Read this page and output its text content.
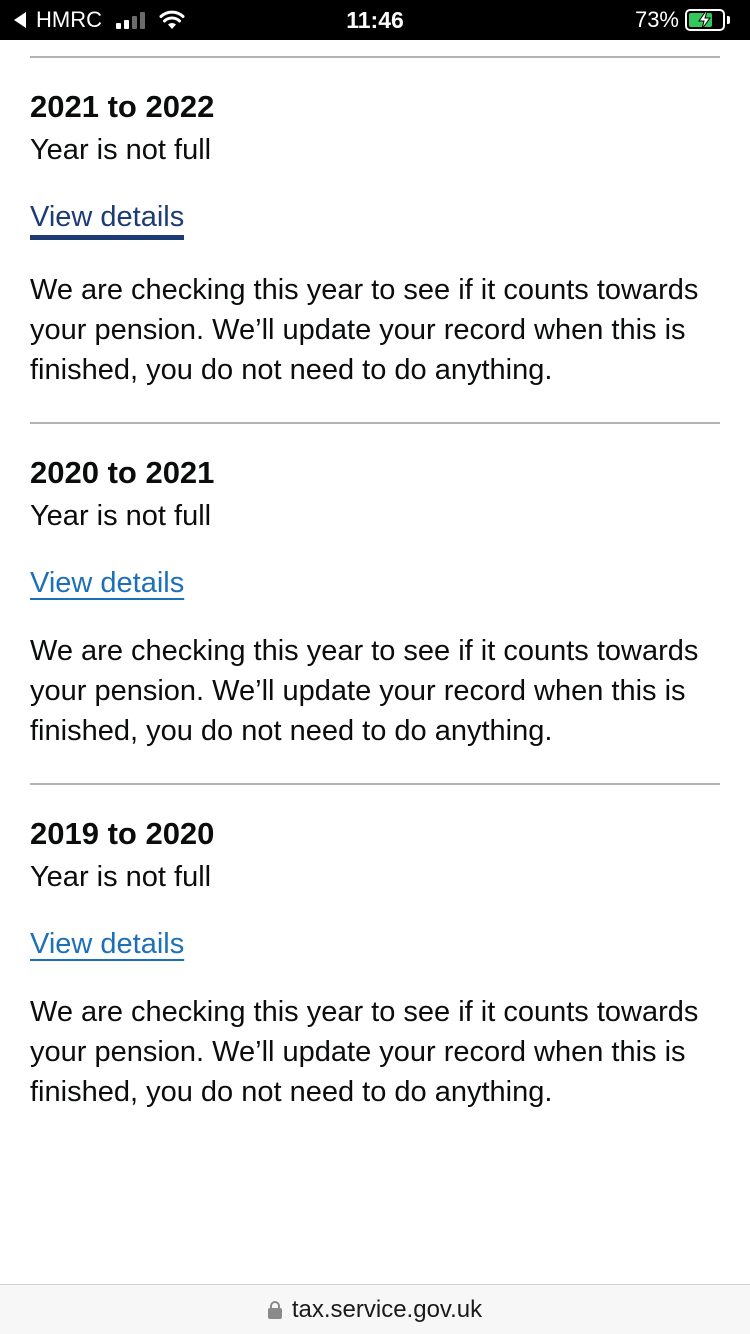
HMRC	11:46	73%
2021 to 2022

Year is not full

View details

We are checking this year to see if it counts towards your pension. We’ll update your record when this is finished, you do not need to do anything.

2020 to 2021

Year is not full

View details

We are checking this year to see if it counts towards your pension. We’ll update your record when this is finished, you do not need to do anything.

2019 to 2020

Year is not full

View details

We are checking this year to see if it counts towards your pension. We’ll update your record when this is finished, you do not need to do anything.

tax.service.gov.uk
